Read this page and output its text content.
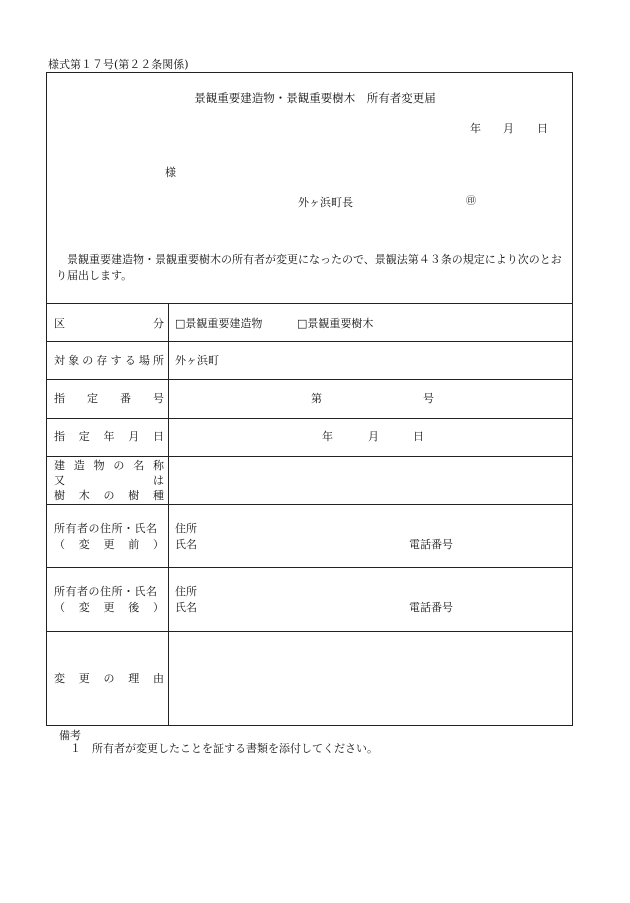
様式第１７号(第２２条関係)
景観重要建造物・景観重要樹木　所有者変更届
年 月 日
様
外ヶ浜町長	㊞
景観重要建造物・景観重要樹木の所有者が変更になったので、景観法第４３条の規定により次のとおり届出します。
区	分 □景観重要建造物	□景観重要樹木
対 象 の 存 す る 場 所 外ヶ浜町
指 定 番 号	第	号
指 定 年 月 日	年	月	日
建 造 物 の 名 称
又	は
樹 木 の 樹 種
所有者の住所・氏名
（ 変 更 前 ）
住所
氏名	電話番号
所有者の住所・氏名
（ 変 更 後 ）
住所
氏名	電話番号
変 更 の 理 由
備考
１　所有者が変更したことを証する書類を添付してください。
